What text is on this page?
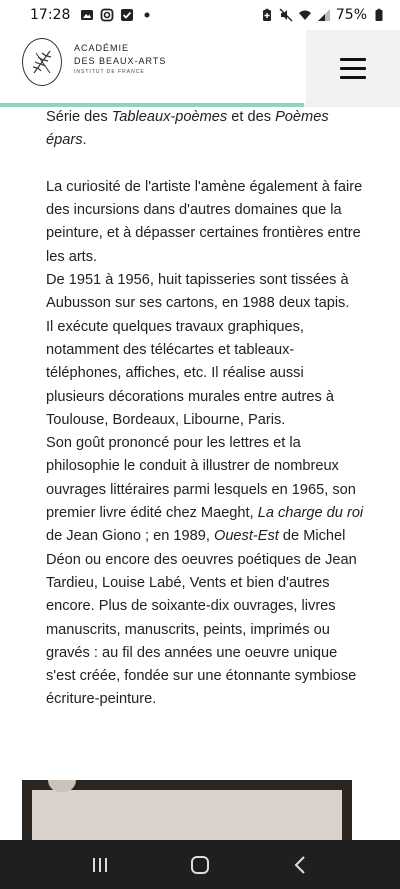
17:28	75%
ACADÉMIE
DES BEAUX-ARTS
INSTITUT DE FRANCE

Série des Tableaux-poèmes et des Poèmes épars.

La curiosité de l'artiste l'amène également à faire des incursions dans d'autres domaines que la peinture, et à dépasser certaines frontières entre les arts.

De 1951 à 1956, huit tapisseries sont tissées à Aubusson sur ses cartons, en 1988 deux tapis.

Il exécute quelques travaux graphiques, notamment des télécartes et tableaux-téléphones, affiches, etc. Il réalise aussi plusieurs décorations murales entre autres à Toulouse, Bordeaux, Libourne, Paris.

Son goût prononcé pour les lettres et la philosophie le conduit à illustrer de nombreux ouvrages littéraires parmi lesquels en 1965, son premier livre édité chez Maeght, La charge du roi de Jean Giono ; en 1989, Ouest-Est de Michel Déon ou encore des oeuvres poétiques de Jean Tardieu, Louise Labé, Vents et bien d'autres encore. Plus de soixante-dix ouvrages, livres manuscrits, manuscrits, peints, imprimés ou gravés : au fil des années une oeuvre unique s'est créée, fondée sur une étonnante symbiose écriture-peinture.
